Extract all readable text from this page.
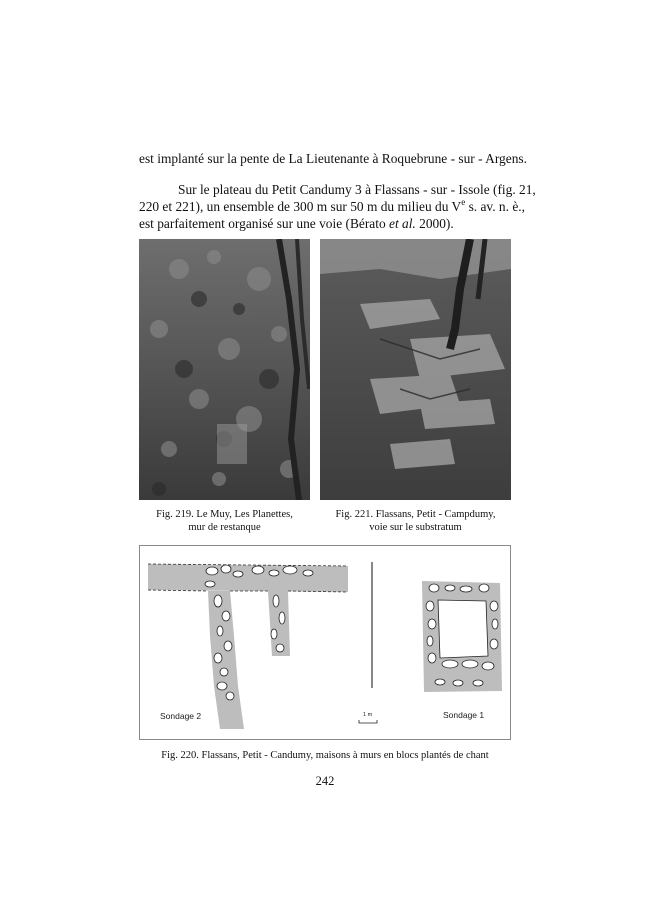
est implanté sur la pente de La Lieutenante à Roquebrune - sur - Argens.
Sur le plateau du Petit Candumy 3 à Flassans - sur - Issole (fig. 21,
220 et 221), un ensemble de 300 m sur 50 m du milieu du Ve s. av. n. è.,
est parfaitement organisé sur une voie (Bérato et al. 2000).
Fig. 219. Le Muy, Les Planettes,
mur de restanque
Fig. 221. Flassans, Petit - Campdumy,
voie sur le substratum
Sondage 2	Sondage 1
1 m
Fig. 220. Flassans, Petit - Candumy, maisons à murs en blocs plantés de chant
242
